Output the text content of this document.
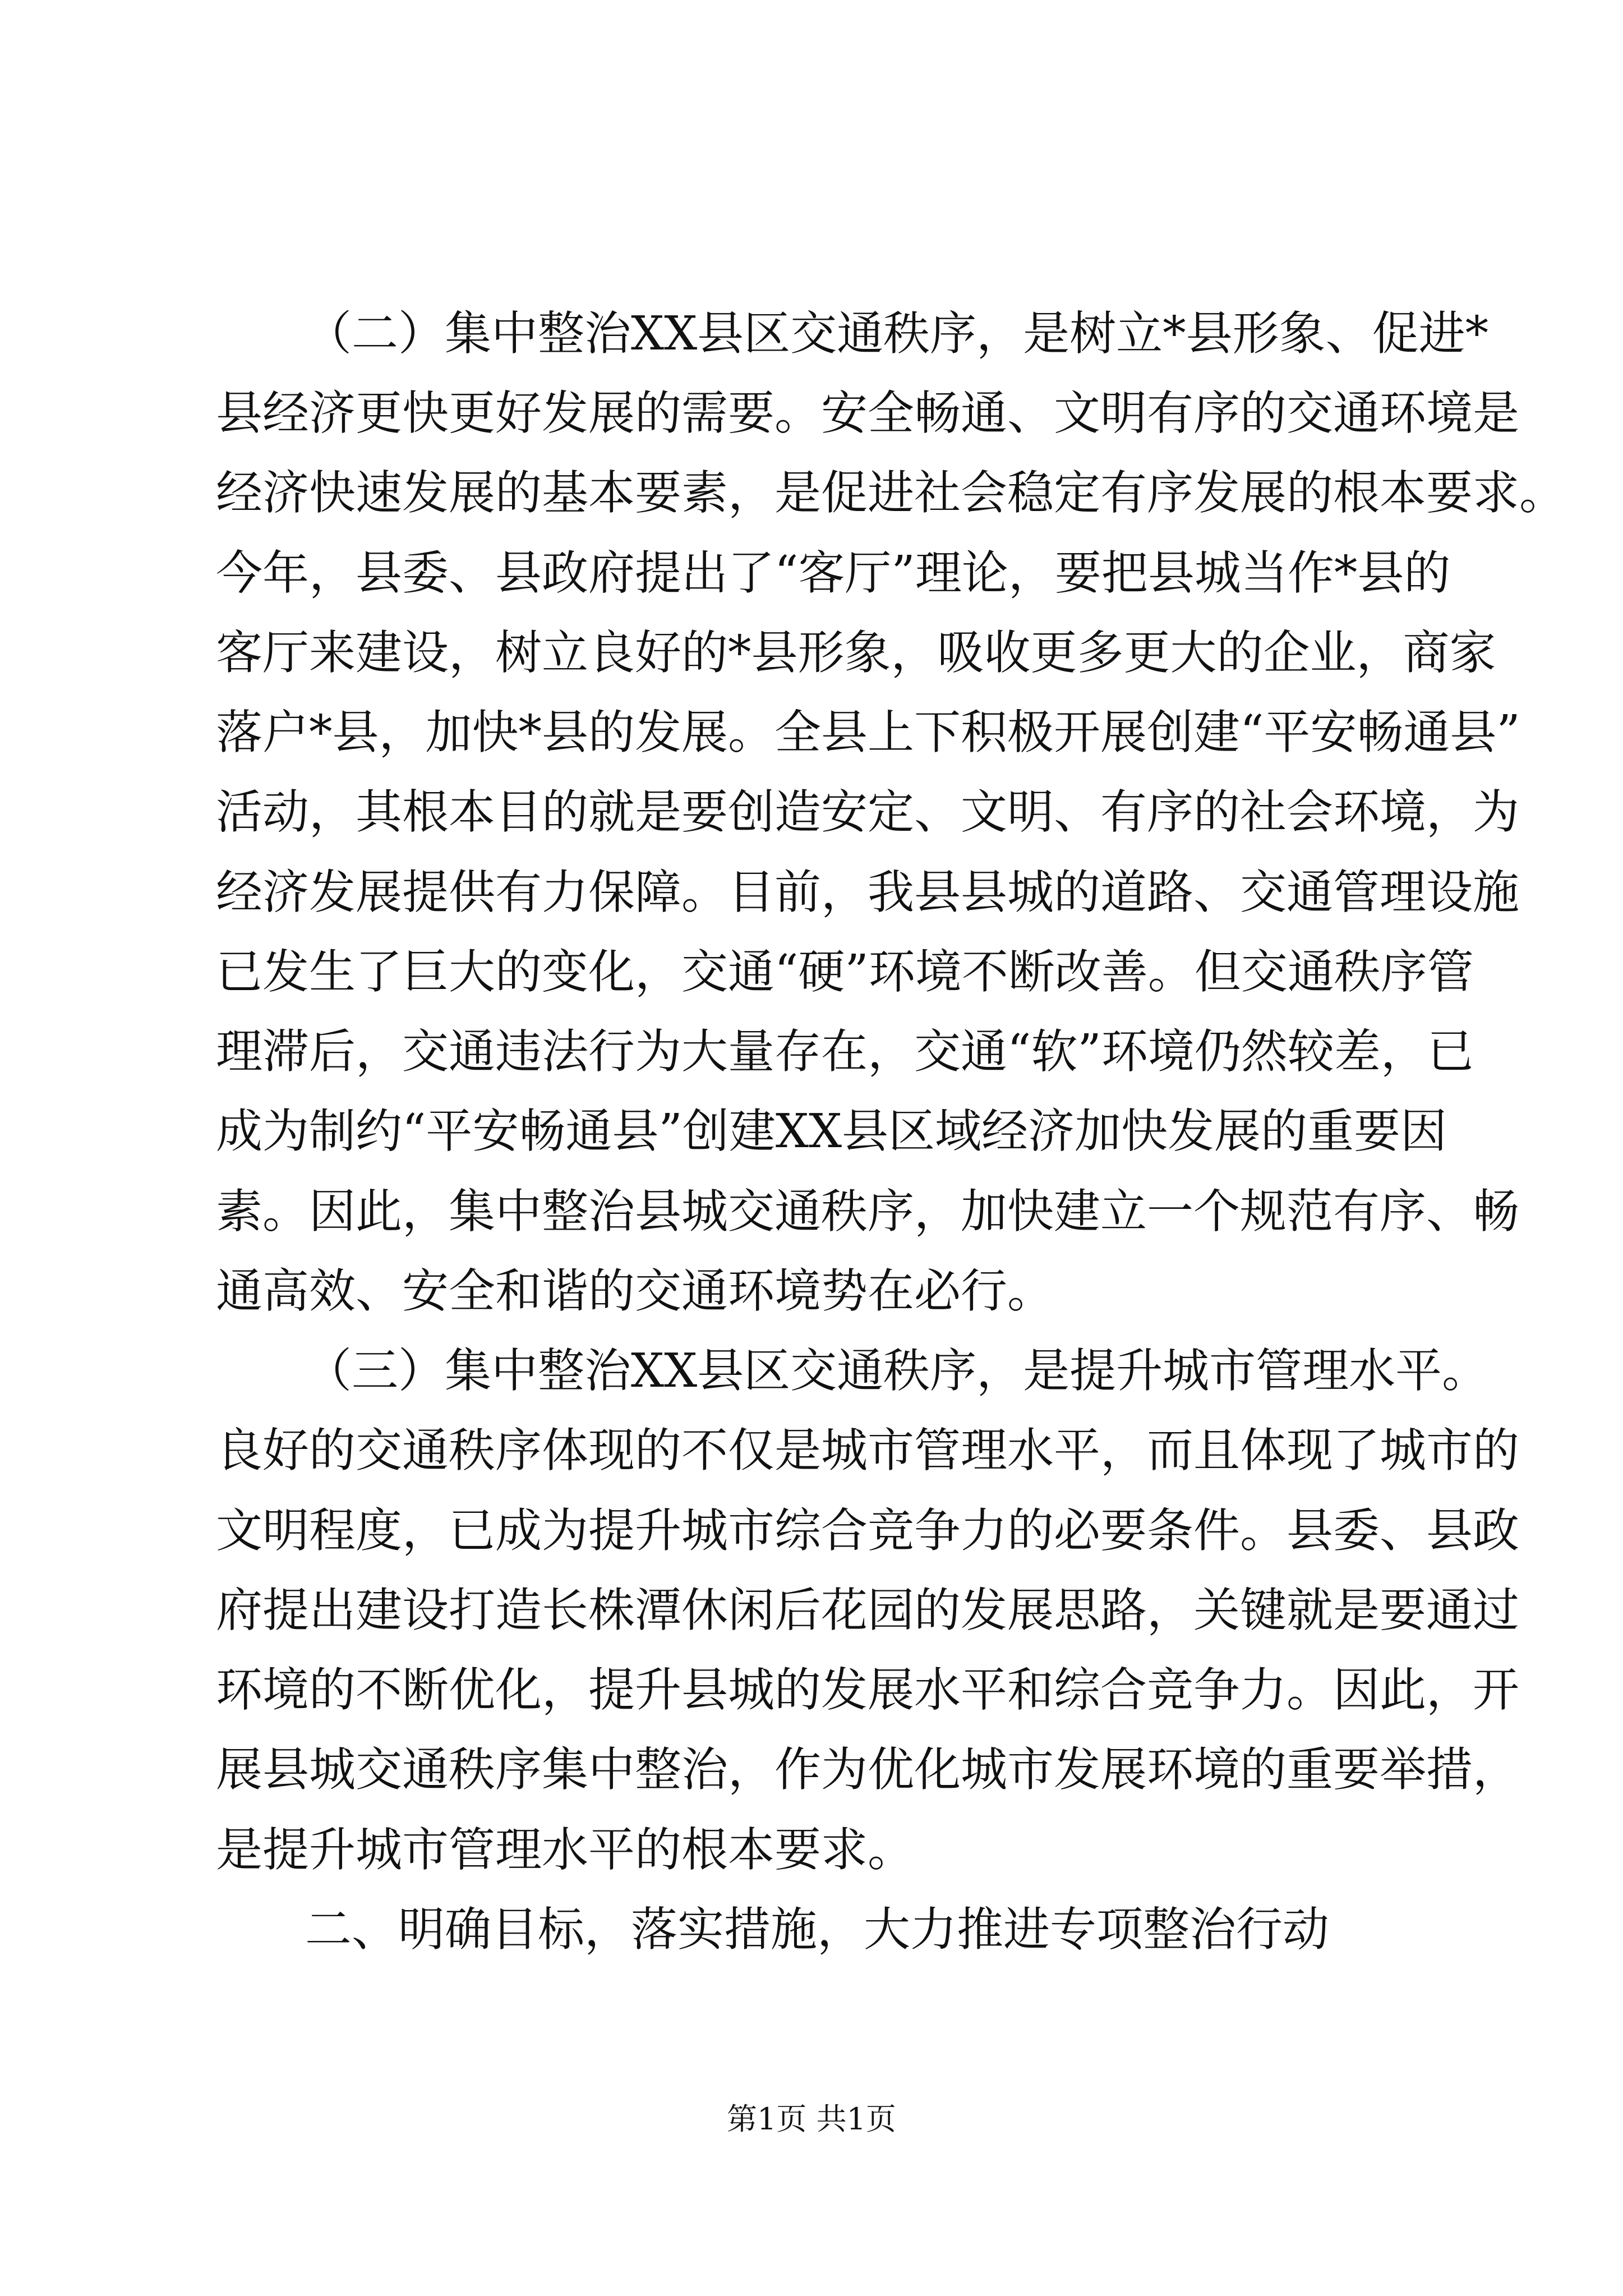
（二）集中整治XX县区交通秩序，是树立*县形象、促进*
县经济更快更好发展的需要。安全畅通、文明有序的交通环境是
经济快速发展的基本要素，是促进社会稳定有序发展的根本要求。
今年，县委、县政府提出了“客厅”理论，要把县城当作*县的
客厅来建设，树立良好的*县形象，吸收更多更大的企业，商家
落户*县，加快*县的发展。全县上下积极开展创建“平安畅通县”
活动，其根本目的就是要创造安定、文明、有序的社会环境，为
经济发展提供有力保障。目前，我县县城的道路、交通管理设施
已发生了巨大的变化，交通“硬”环境不断改善。但交通秩序管
理滞后，交通违法行为大量存在，交通“软”环境仍然较差，已
成为制约“平安畅通县”创建XX县区域经济加快发展的重要因
素。因此，集中整治县城交通秩序，加快建立一个规范有序、畅
通高效、安全和谐的交通环境势在必行。
（三）集中整治XX县区交通秩序，是提升城市管理水平。
良好的交通秩序体现的不仅是城市管理水平，而且体现了城市的
文明程度，已成为提升城市综合竞争力的必要条件。县委、县政
府提出建设打造长株潭休闲后花园的发展思路，关键就是要通过
环境的不断优化，提升县城的发展水平和综合竞争力。因此，开
展县城交通秩序集中整治，作为优化城市发展环境的重要举措，
是提升城市管理水平的根本要求。
二、明确目标，落实措施，大力推进专项整治行动
第1页 共1页
